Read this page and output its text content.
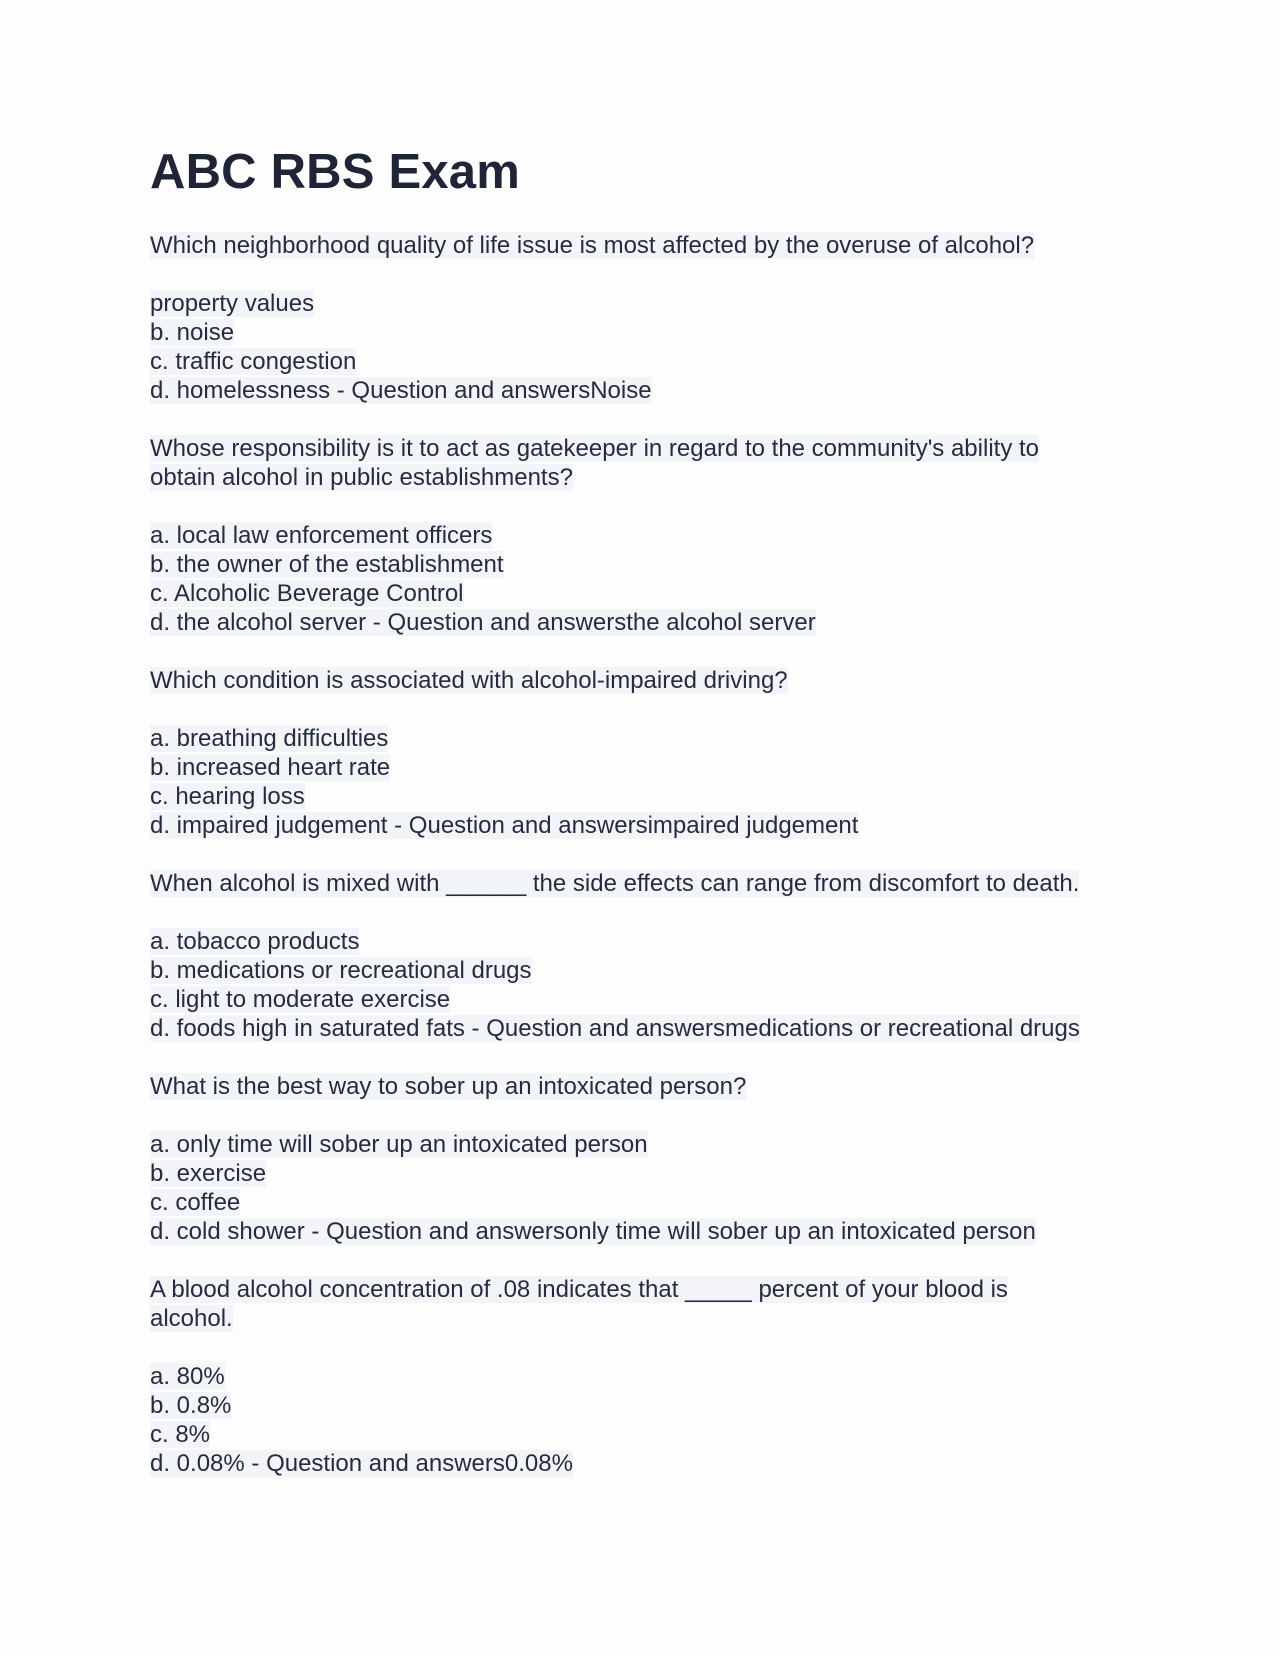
ABC RBS Exam
Which neighborhood quality of life issue is most affected by the overuse of alcohol?
property values
b. noise
c. traffic congestion
d. homelessness - Question and answersNoise
Whose responsibility is it to act as gatekeeper in regard to the community's ability to
obtain alcohol in public establishments?
a. local law enforcement officers
b. the owner of the establishment
c. Alcoholic Beverage Control
d. the alcohol server - Question and answersthe alcohol server
Which condition is associated with alcohol-impaired driving?
a. breathing difficulties
b. increased heart rate
c. hearing loss
d. impaired judgement - Question and answersimpaired judgement
When alcohol is mixed with ______ the side effects can range from discomfort to death.
a. tobacco products
b. medications or recreational drugs
c. light to moderate exercise
d. foods high in saturated fats - Question and answersmedications or recreational drugs
What is the best way to sober up an intoxicated person?
a. only time will sober up an intoxicated person
b. exercise
c. coffee
d. cold shower - Question and answersonly time will sober up an intoxicated person
A blood alcohol concentration of .08 indicates that _____ percent of your blood is
alcohol.
a. 80%
b. 0.8%
c. 8%
d. 0.08% - Question and answers0.08%
